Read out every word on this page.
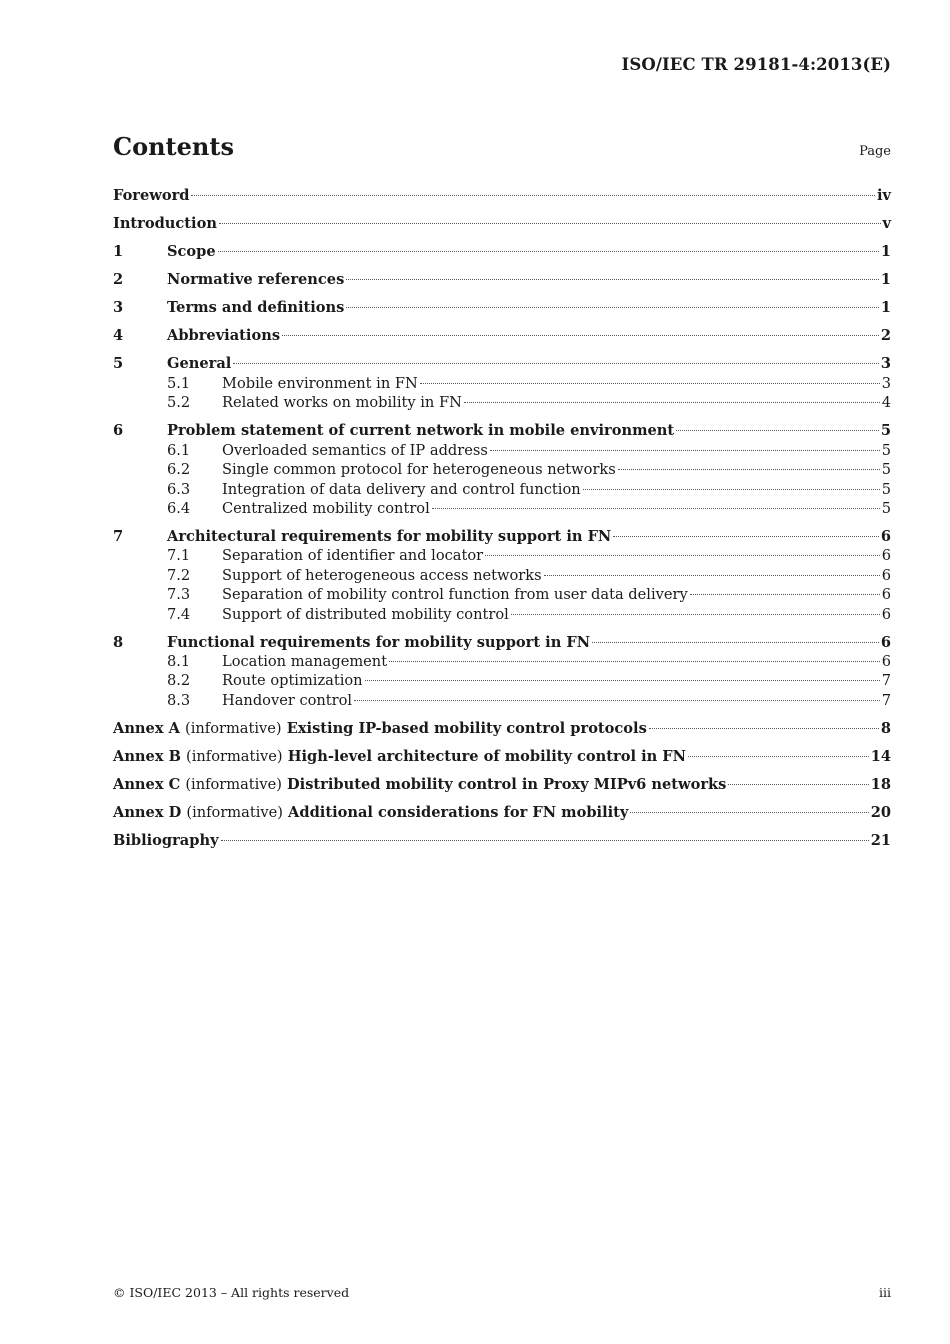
ISO/IEC TR 29181-4:2013(E)
Contents	Page
Foreword	iv
Introduction	v
1	Scope	1
2	Normative references	1
3	Terms and definitions	1
4	Abbreviations	2
5	General	3
5.1	Mobile environment in FN	3
5.2	Related works on mobility in FN	4
6	Problem statement of current network in mobile environment	5
6.1	Overloaded semantics of IP address	5
6.2	Single common protocol for heterogeneous networks	5
6.3	Integration of data delivery and control function	5
6.4	Centralized mobility control	5
7	Architectural requirements for mobility support in FN	6
7.1	Separation of identifier and locator	6
7.2	Support of heterogeneous access networks	6
7.3	Separation of mobility control function from user data delivery	6
7.4	Support of distributed mobility control	6
8	Functional requirements for mobility support in FN	6
8.1	Location management	6
8.2	Route optimization	7
8.3	Handover control	7
Annex A (informative) Existing IP-based mobility control protocols	8
Annex B (informative) High-level architecture of mobility control in FN	14
Annex C (informative) Distributed mobility control in Proxy MIPv6 networks	18
Annex D (informative) Additional considerations for FN mobility	20
Bibliography	21
© ISO/IEC 2013 – All rights reserved	iii
